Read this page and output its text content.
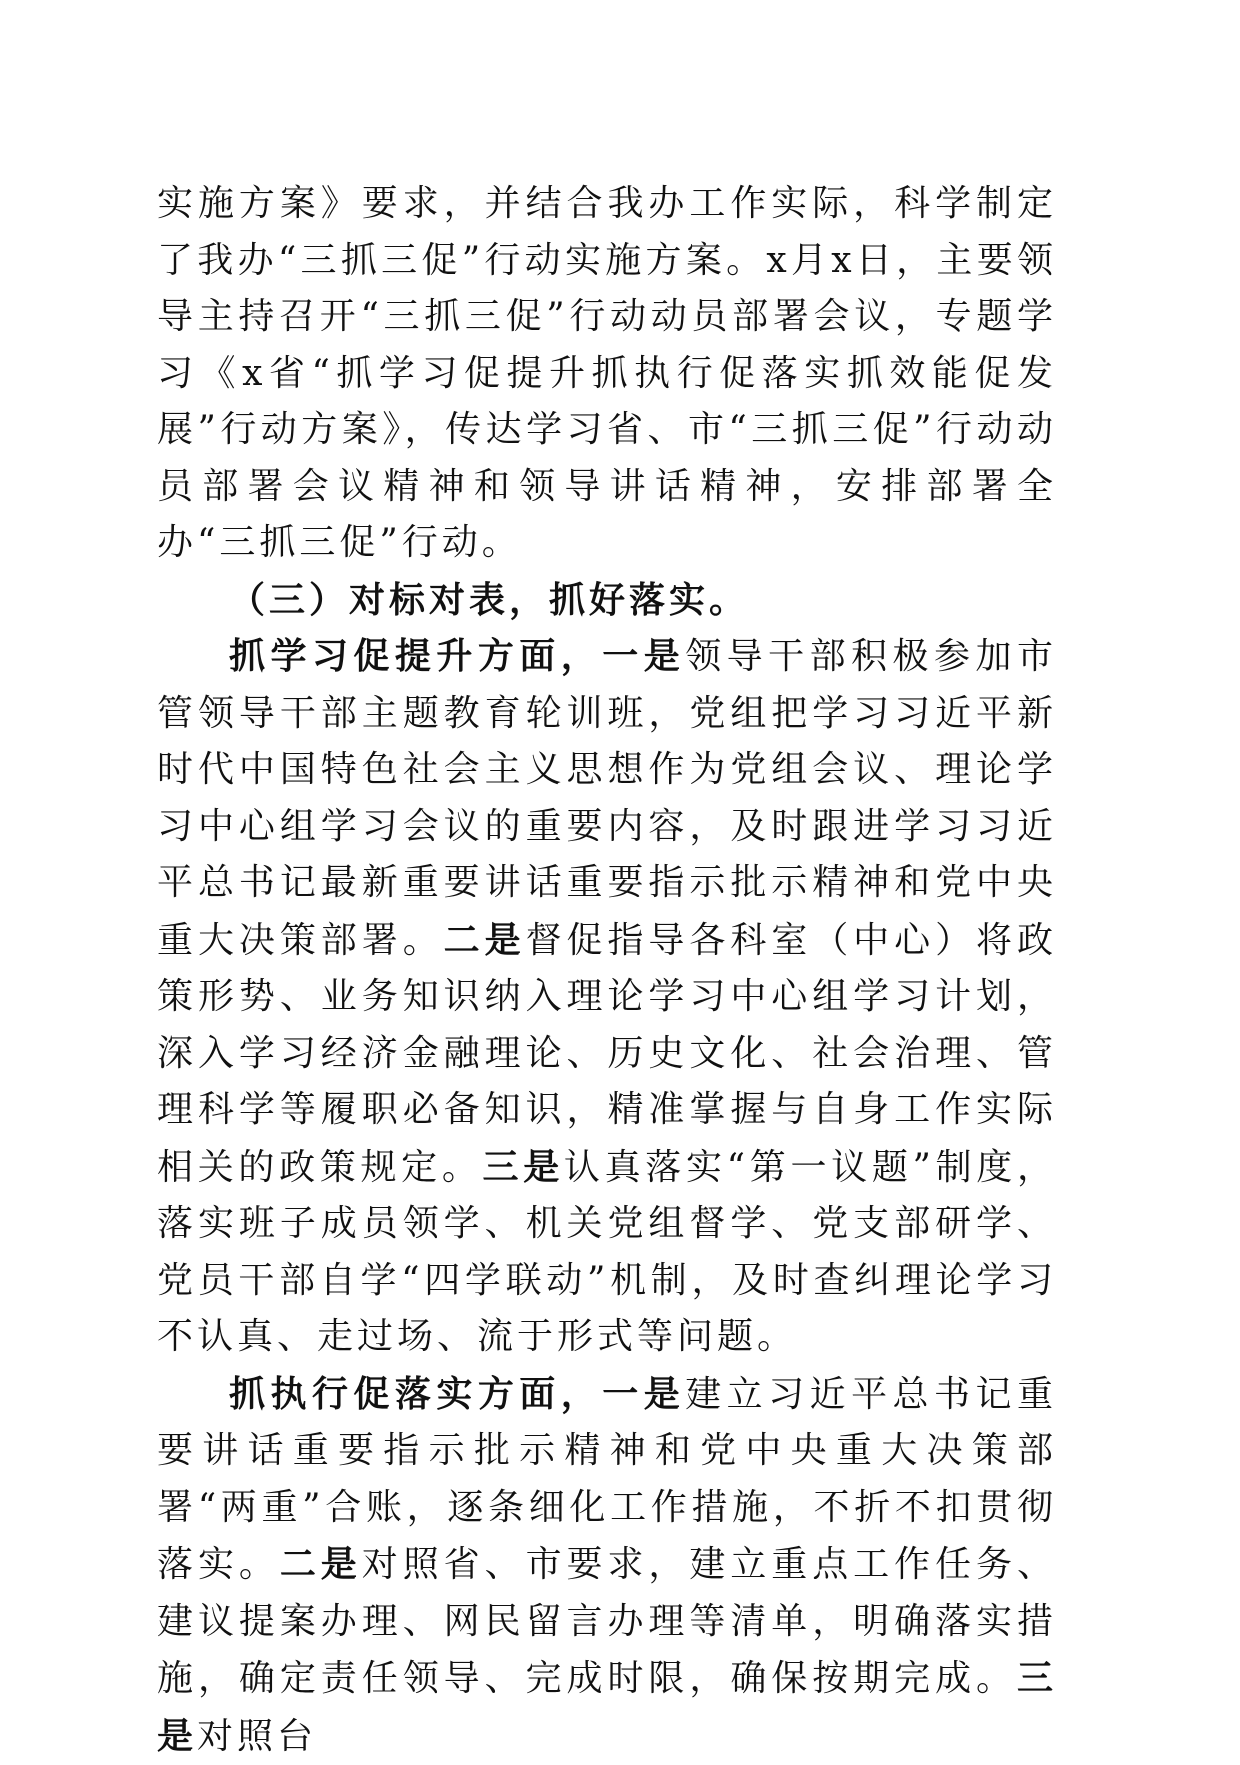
实施方案》要求，并结合我办工作实际，科学制定了我办“三抓三促”行动实施方案。x月x日，主要领导主持召开“三抓三促”行动动员部署会议，专题学习《x省“抓学习促提升抓执行促落实抓效能促发展”行动方案》，传达学习省、市“三抓三促”行动动员部署会议精神和领导讲话精神，安排部署全办“三抓三促”行动。

（三）对标对表，抓好落实。

抓学习促提升方面，一是领导干部积极参加市管领导干部主题教育轮训班，党组把学习习近平新时代中国特色社会主义思想作为党组会议、理论学习中心组学习会议的重要内容，及时跟进学习习近平总书记最新重要讲话重要指示批示精神和党中央重大决策部署。二是督促指导各科室（中心）将政策形势、业务知识纳入理论学习中心组学习计划，深入学习经济金融理论、历史文化、社会治理、管理科学等履职必备知识，精准掌握与自身工作实际相关的政策规定。三是认真落实“第一议题”制度，落实班子成员领学、机关党组督学、党支部研学、党员干部自学“四学联动”机制，及时查纠理论学习不认真、走过场、流于形式等问题。

抓执行促落实方面，一是建立习近平总书记重要讲话重要指示批示精神和党中央重大决策部署“两重”合账，逐条细化工作措施，不折不扣贯彻落实。二是对照省、市要求，建立重点工作任务、建议提案办理、网民留言办理等清单，明确落实措施，确定责任领导、完成时限，确保按期完成。三是对照台
